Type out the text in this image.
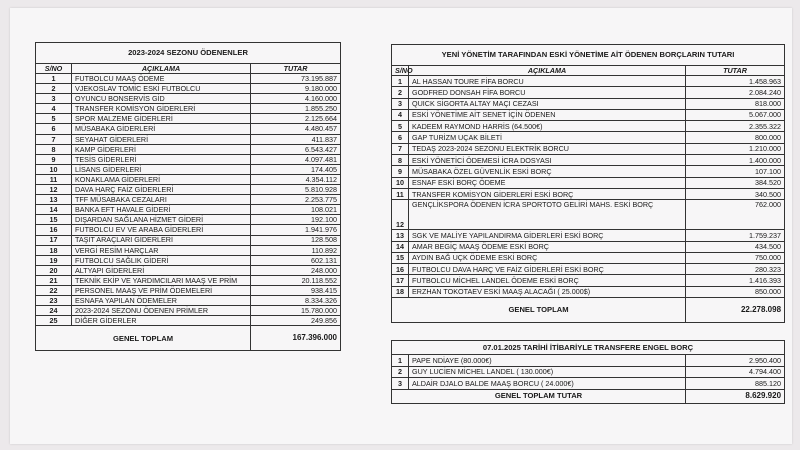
2023-2024 SEZONU ÖDENENLER		
S/NO	AÇIKLAMA	TUTAR
1	FUTBOLCU MAAŞ ÖDEME	73.195.887
2	VJEKOSLAV TOMİC ESKİ FUTBOLCU	9.180.000
3	OYUNCU BONSERVİS GİD	4.160.000
4	TRANSFER KOMİSYON GİDERLERİ	1.855.250
5	SPOR MALZEME GİDERLERİ	2.125.664
6	MÜSABAKA GİDERLERİ	4.480.457
7	SEYAHAT GİDERLERİ	411.837
8	KAMP GİDERLERİ	6.543.427
9	TESİS GİDERLERİ	4.097.481
10	LİSANS GİDERLERİ	174.405
11	KONAKLAMA GİDERLERİ	4.354.112
12	DAVA HARÇ FAİZ GİDERLERİ	5.810.928
13	TFF MÜSABAKA CEZALARI	2.253.775
14	BANKA EFT HAVALE GİDERİ	108.021
15	DIŞARDAN SAĞLANA HİZMET GİDERİ	192.100
16	FUTBOLCU EV VE ARABA GİDERLERİ	1.941.976
17	TAŞIT ARAÇLARI GİDERLERİ	128.508
18	VERGİ RESİM HARÇLAR	110.892
19	FUTBOLCU SAĞLIK GİDERİ	602.131
20	ALTYAPI GİDERLERİ	248.000
21	TEKNİK EKİP VE YARDIMCILARI MAAŞ VE PRİM	20.118.552
22	PERSONEL MAAŞ VE PRİM ÖDEMELERİ	938.415
23	ESNAFA YAPILAN ÖDEMELER	8.334.326
24	2023-2024 SEZONU ÖDENEN PRİMLER	15.780.000
25	DİĞER GİDERLER	249.856
GENEL TOPLAM		167.396.000
YENİ YÖNETİM TARAFINDAN ESKİ YÖNETİME AİT ÖDENEN BORÇLARIN TUTARI		
S/NO	AÇIKLAMA	TUTAR
1	AL HASSAN TOURE FİFA BORCU	1.458.963
2	GODFRED DONSAH FİFA BORCU	2.084.240
3	QUICK SİGORTA ALTAY MAÇI CEZASI	818.000
4	ESKİ YÖNETİME AİT SENET İÇİN ÖDENEN	5.067.000
5	KADEEM RAYMOND HARRİS (64.500€)	2.355.322
6	GAP TURİZM UÇAK BİLETİ	800.000
7	TEDAŞ 2023-2024 SEZONU ELEKTRİK BORCU	1.210.000
8	ESKİ YÖNETİCİ ÖDEMESİ İCRA DOSYASI	1.400.000
9	MÜSABAKA ÖZEL GÜVENLİK ESKİ BORÇ	107.100
10	ESNAF ESKİ BORÇ ÖDEME	384.520
11	TRANSFER KOMİSYON GİDERLERİ ESKİ BORÇ	340.500
12	GENÇLİKSPORA ÖDENEN İCRA SPORTOTO GELİRİ MAHS. ESKİ BORÇ	762.000
13	SGK VE MALİYE YAPILANDIRMA GİDERLERİ ESKİ BORÇ	1.759.237
14	AMAR BEGİÇ MAAŞ ÖDEME ESKİ BORÇ	434.500
15	AYDIN BAĞ UÇK ÖDEME ESKİ BORÇ	750.000
16	FUTBOLCU DAVA HARÇ VE FAİZ GİDERLERİ ESKİ BORÇ	280.323
17	FUTBOLCU MİCHEL LANDEL ÖDEME ESKİ BORÇ	1.416.393
18	ERZHAN TOKOTAEV ESKİ MAAŞ ALACAĞI ( 25.000$)	850.000
GENEL TOPLAM		22.278.098
07.01.2025 TARİHİ İTİBARİYLE TRANSFERE ENGEL BORÇ		
1	PAPE NDİAYE (80.000€)	2.950.400
2	GUY LUCİEN MİCHEL LANDEL ( 130.000€)	4.794.400
3	ALDAİR DJALO BALDE MAAŞ BORCU ( 24.000€)	885.120
GENEL TOPLAM TUTAR		8.629.920
